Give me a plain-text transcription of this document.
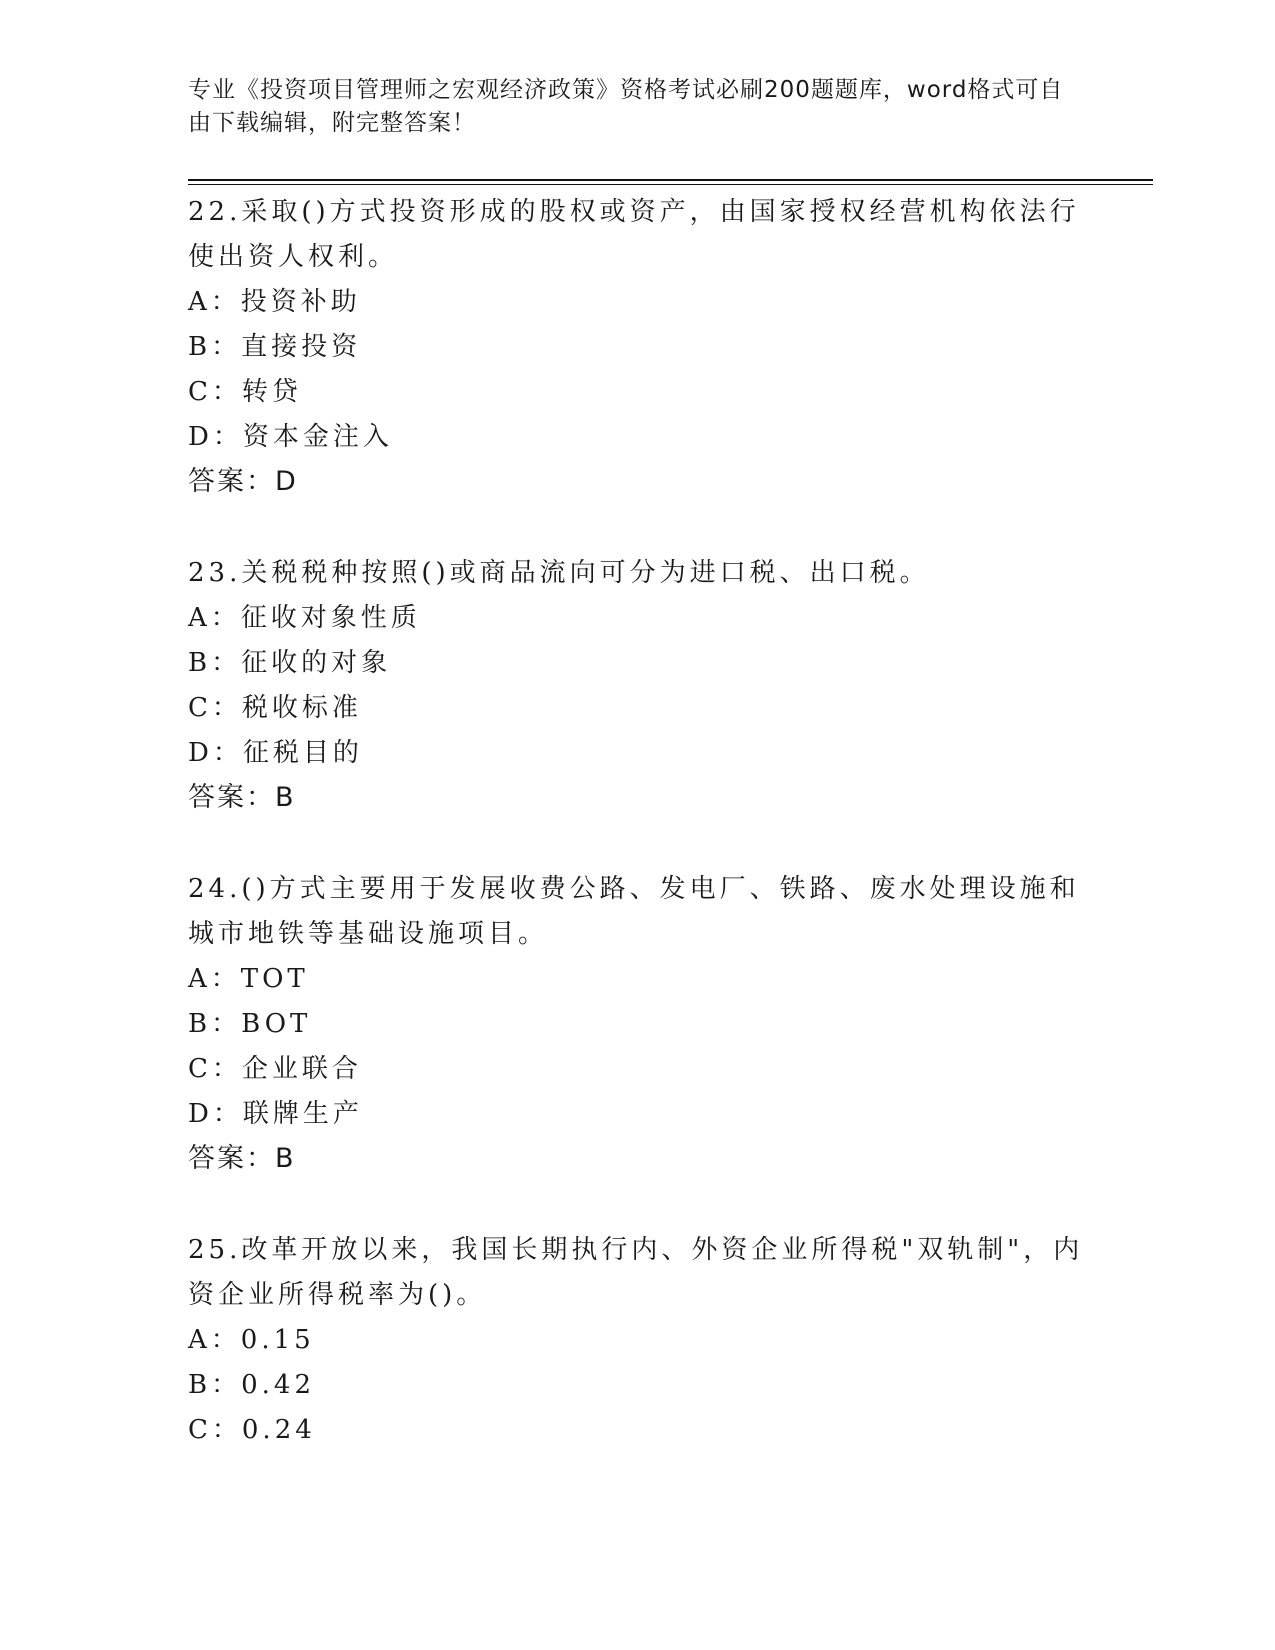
专业《投资项目管理师之宏观经济政策》资格考试必刷200题题库，word格式可自由下载编辑，附完整答案！
22.采取()方式投资形成的股权或资产，由国家授权经营机构依法行使出资人权利。
A：投资补助
B：直接投资
C：转贷
D：资本金注入
答案：D
23.关税税种按照()或商品流向可分为进口税、出口税。
A：征收对象性质
B：征收的对象
C：税收标准
D：征税目的
答案：B
24.()方式主要用于发展收费公路、发电厂、铁路、废水处理设施和城市地铁等基础设施项目。
A：TOT
B：BOT
C：企业联合
D：联牌生产
答案：B
25.改革开放以来，我国长期执行内、外资企业所得税"双轨制"，内资企业所得税率为()。
A：0.15
B：0.42
C：0.24
